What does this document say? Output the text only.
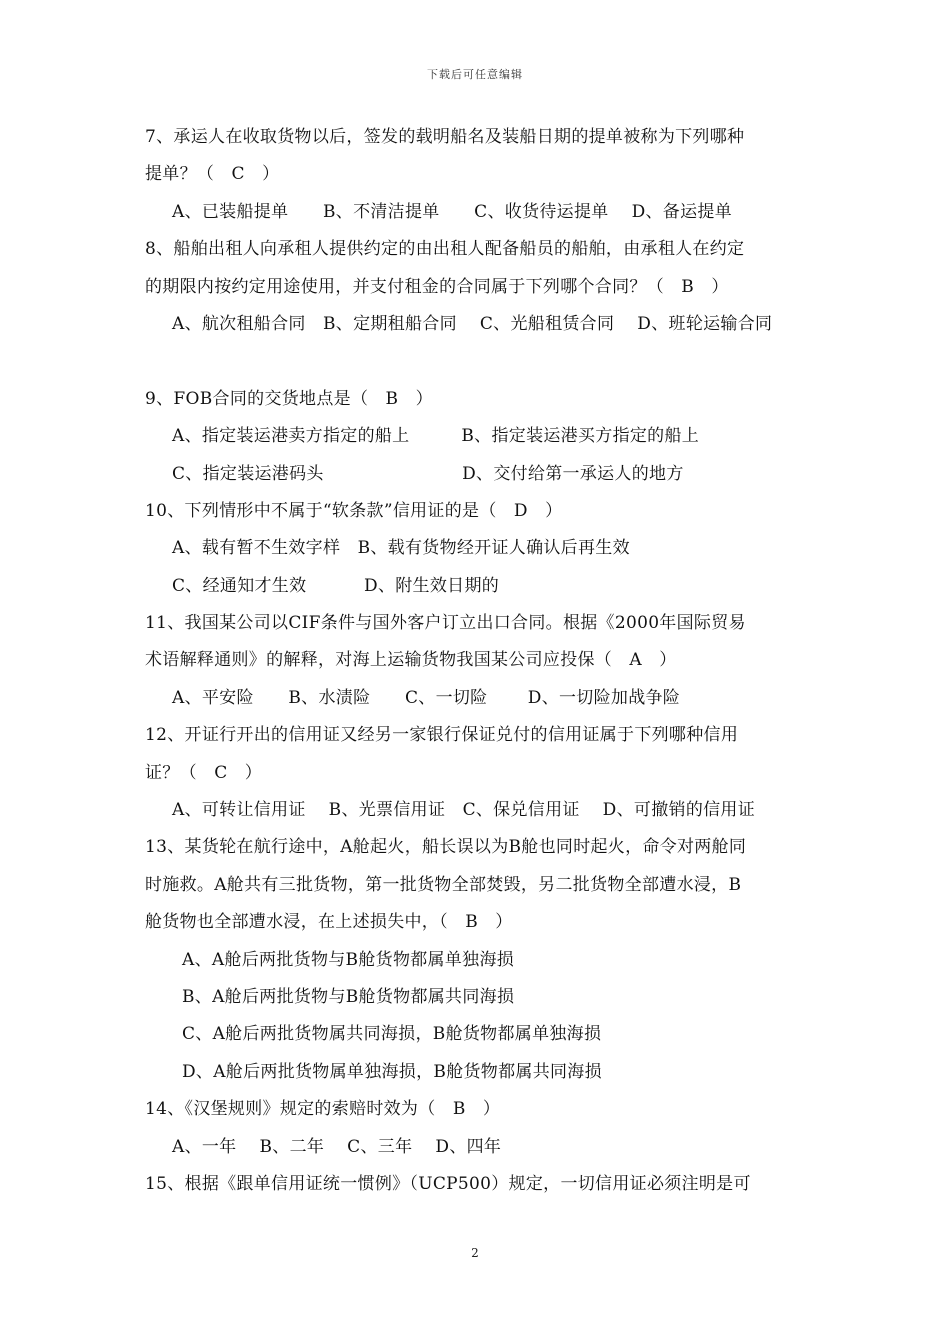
下载后可任意编辑
7、承运人在收取货物以后，签发的载明船名及装船日期的提单被称为下列哪种
提单？（　C　）
A、已装船提单　　B、不清洁提单　　C、收货待运提单　 D、备运提单
8、船舶出租人向承租人提供约定的由出租人配备船员的船舶，由承租人在约定
的期限内按约定用途使用，并支付租金的合同属于下列哪个合同？（　B　）
A、航次租船合同　B、定期租船合同　 C、光船租赁合同　 D、班轮运输合同
9、FOB合同的交货地点是（　B　）
A、指定装运港卖方指定的船上　　　B、指定装运港买方指定的船上
C、指定装运港码头　　　　　　　　D、交付给第一承运人的地方
10、下列情形中不属于“软条款”信用证的是（　D　）
A、载有暂不生效字样　B、载有货物经开证人确认后再生效
C、经通知才生效　　　 D、附生效日期的
11、我国某公司以CIF条件与国外客户订立出口合同。根据《2000年国际贸易
术语解释通则》的解释，对海上运输货物我国某公司应投保（　A　）
A、平安险　　B、水渍险　　C、一切险　　 D、一切险加战争险
12、开证行开出的信用证又经另一家银行保证兑付的信用证属于下列哪种信用
证？（　C　）
A、可转让信用证　 B、光票信用证　C、保兑信用证　 D、可撤销的信用证
13、某货轮在航行途中，A舱起火，船长误以为B舱也同时起火，命令对两舱同
时施救。A舱共有三批货物，第一批货物全部焚毁，另二批货物全部遭水浸，B
舱货物也全部遭水浸，在上述损失中，（　B　）
A、A舱后两批货物与B舱货物都属单独海损
B、A舱后两批货物与B舱货物都属共同海损
C、A舱后两批货物属共同海损，B舱货物都属单独海损
D、A舱后两批货物属单独海损，B舱货物都属共同海损
14、《汉堡规则》规定的索赔时效为（　B　）
A、一年　 B、二年　 C、三年　 D、四年
15、根据《跟单信用证统一惯例》（UCP500）规定，一切信用证必须注明是可
2
